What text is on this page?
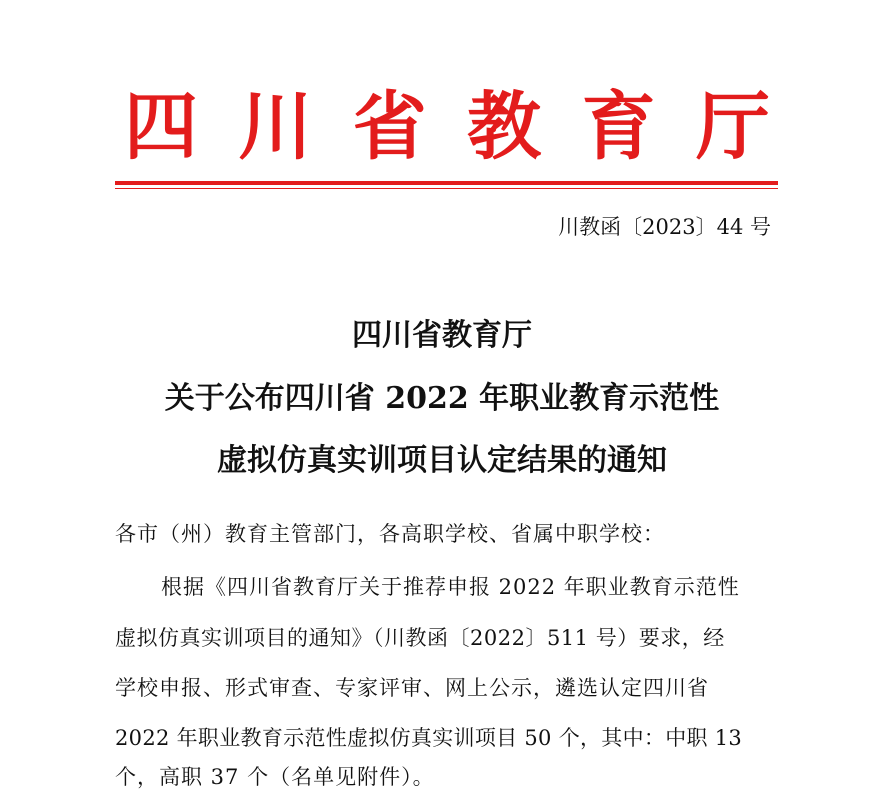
四 川 省 教 育 厅
川教函〔2023〕44 号
四川省教育厅
关于公布四川省 2022 年职业教育示范性
虚拟仿真实训项目认定结果的通知
各市（州）教育主管部门，各高职学校、省属中职学校：
根据《四川省教育厅关于推荐申报 2022 年职业教育示范性
虚拟仿真实训项目的通知》（川教函〔2022〕511 号）要求，经
学校申报、形式审查、专家评审、网上公示，遴选认定四川省
2022 年职业教育示范性虚拟仿真实训项目 50 个，其中：中职 13
个，高职 37 个（名单见附件）。
